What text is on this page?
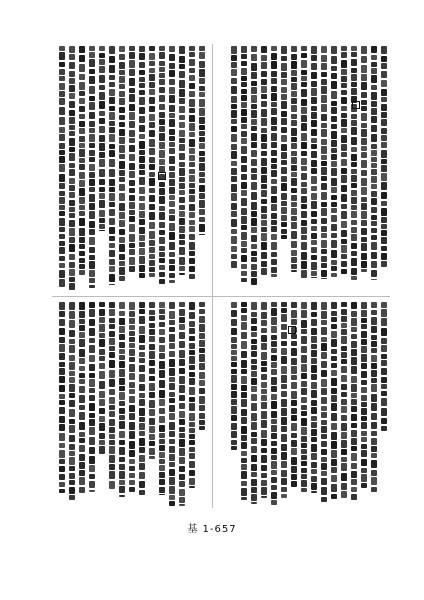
基 1-657
